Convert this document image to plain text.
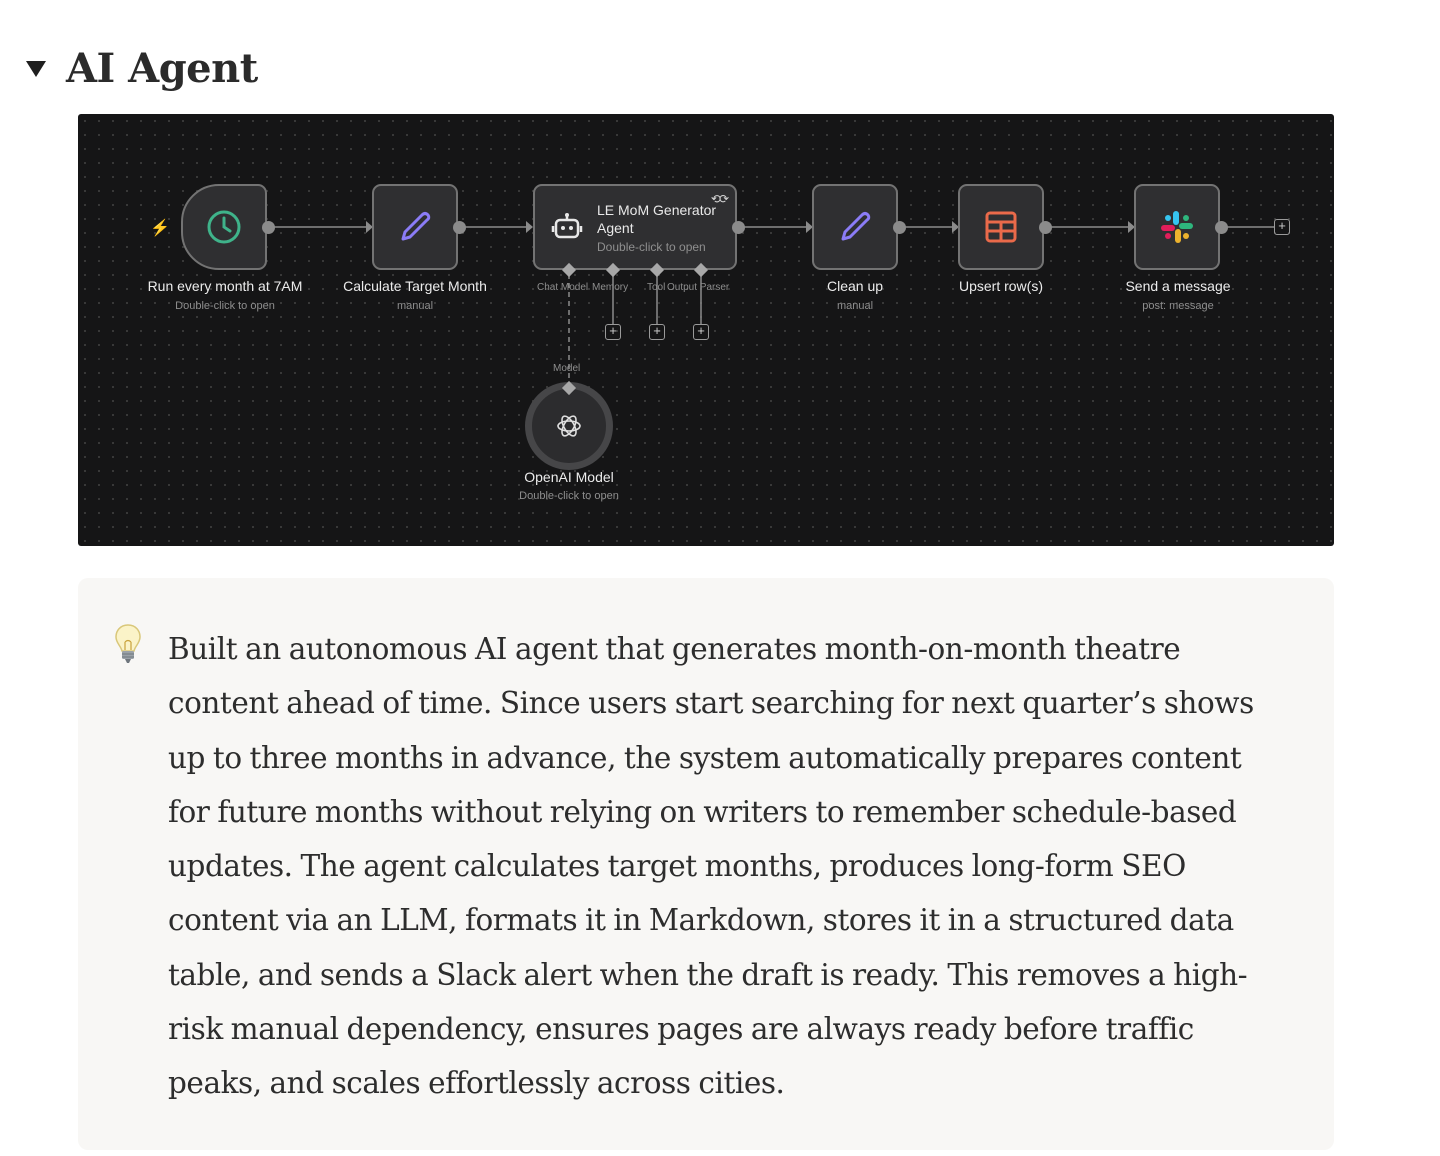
AI Agent
⚡
Run every month at 7AM
Double-click to open
Calculate Target Month
manual
LE MoM Generator Agent
Double-click to open
⟲⟳
Chat Model Memory Tool Output Parser
+	+	+
Clean up
manual
Upsert row(s)	Send a message
post: message
+
Model
OpenAI Model
Double-click to open
Built an autonomous AI agent that generates month-on-month theatre content ahead of time. Since users start searching for next quarter’s shows up to three months in advance, the system automatically prepares content for future months without relying on writers to remember schedule-based updates. The agent calculates target months, produces long-form SEO content via an LLM, formats it in Markdown, stores it in a structured data table, and sends a Slack alert when the draft is ready. This removes a high-risk manual dependency, ensures pages are always ready before traffic peaks, and scales effortlessly across cities.
